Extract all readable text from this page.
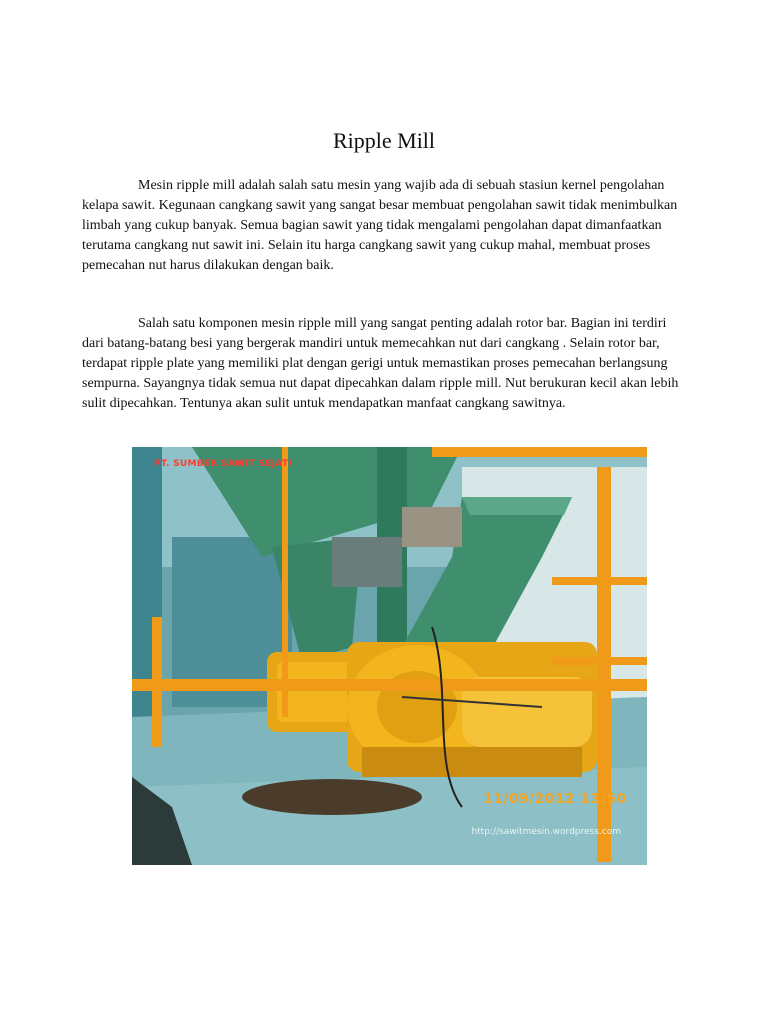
Ripple Mill

Mesin ripple mill adalah salah satu mesin yang wajib ada di sebuah stasiun kernel pengolahan kelapa sawit. Kegunaan cangkang sawit yang sangat besar membuat pengolahan sawit tidak menimbulkan limbah yang cukup banyak. Semua bagian sawit yang tidak mengalami pengolahan dapat dimanfaatkan terutama cangkang nut sawit ini. Selain itu harga cangkang sawit yang cukup mahal, membuat proses pemecahan nut harus dilakukan dengan baik.

Salah satu komponen mesin ripple mill yang sangat penting adalah rotor bar. Bagian ini terdiri dari batang-batang besi yang bergerak mandiri untuk memecahkan nut dari cangkang . Selain rotor bar, terdapat ripple plate yang memiliki plat dengan gerigi untuk memastikan proses pemecahan berlangsung sempurna. Sayangnya tidak semua nut dapat dipecahkan dalam ripple mill. Nut berukuran kecil akan lebih sulit dipecahkan. Tentunya akan sulit untuk mendapatkan manfaat cangkang sawitnya.

PT. SUMBER SAWIT SEJATI
11/09/2012 13:50
http://sawitmesin.wordpress.com
